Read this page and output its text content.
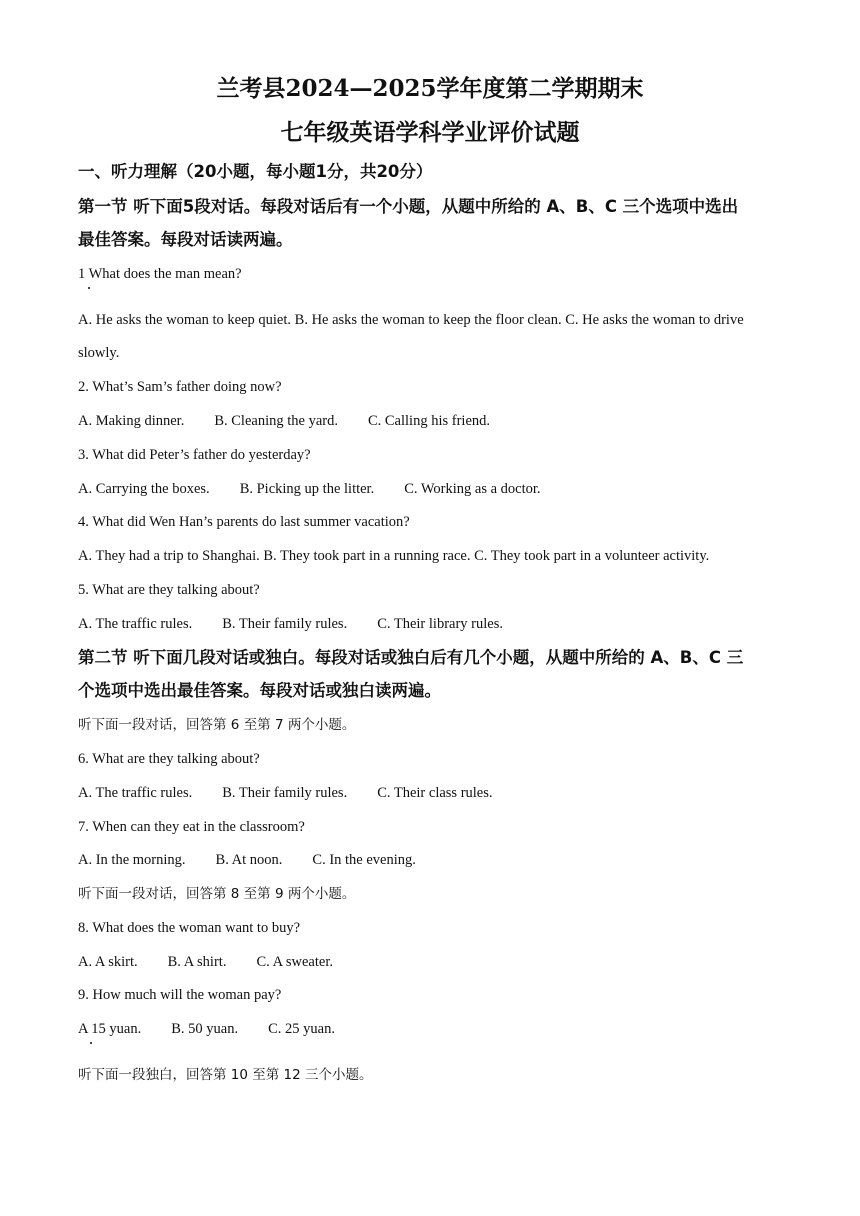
兰考县2024—2025学年度第二学期期末
七年级英语学科学业评价试题
一、听力理解（20小题，每小题1分，共20分）
第一节 听下面5段对话。每段对话后有一个小题，从题中所给的 A、B、C 三个选项中选出
最佳答案。每段对话读两遍。
1 What does the man mean?
A. He asks the woman to keep quiet. B. He asks the woman to keep the floor clean. C. He asks the woman to drive
slowly.
2. What’s Sam’s father doing now?
A. Making dinner. B. Cleaning the yard. C. Calling his friend.
3. What did Peter’s father do yesterday?
A. Carrying the boxes. B. Picking up the litter. C. Working as a doctor.
4. What did Wen Han’s parents do last summer vacation?
A. They had a trip to Shanghai. B. They took part in a running race. C. They took part in a volunteer activity.
5. What are they talking about?
A. The traffic rules. B. Their family rules. C. Their library rules.
第二节 听下面几段对话或独白。每段对话或独白后有几个小题，从题中所给的 A、B、C 三
个选项中选出最佳答案。每段对话或独白读两遍。
听下面一段对话，回答第 6 至第 7 两个小题。
6. What are they talking about?
A. The traffic rules. B. Their family rules. C. Their class rules.
7. When can they eat in the classroom?
A. In the morning. B. At noon. C. In the evening.
听下面一段对话，回答第 8 至第 9 两个小题。
8. What does the woman want to buy?
A. A skirt. B. A shirt. C. A sweater.
9. How much will the woman pay?
A 15 yuan. B. 50 yuan. C. 25 yuan.
听下面一段独白，回答第 10 至第 12 三个小题。
